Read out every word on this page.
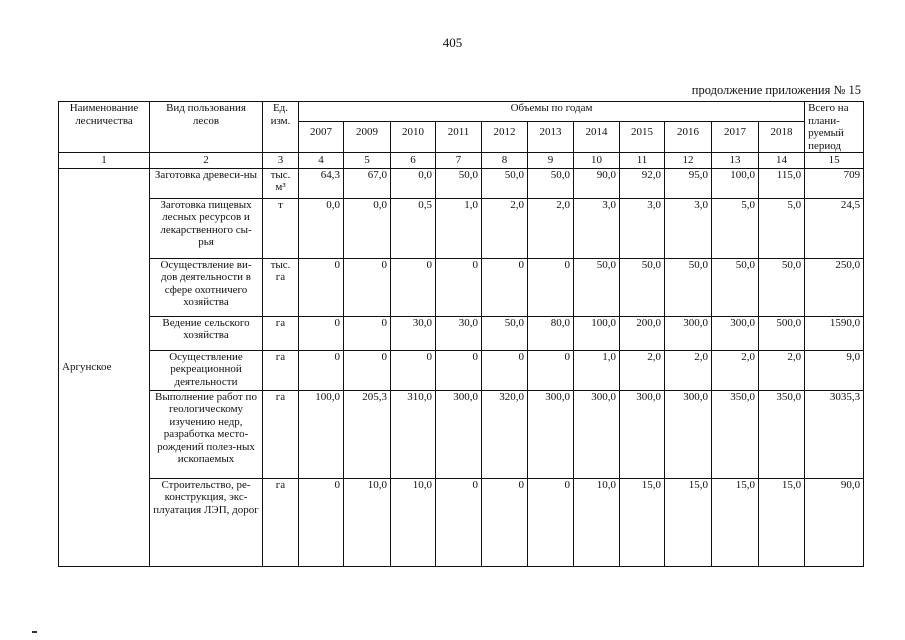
405
продолжение приложения № 15
Наименование лесничества	Вид пользования лесов	Ед. изм.	Объемы по годам											Всего на плани-руемый период
			2007	2009	2010	2011	2012	2013	2014	2015	2016	2017	2018	
1	2	3	4	5	6	7	8	9	10	11	12	13	14	15
Аргунское	Заготовка древеси-ны	тыс. м³	64,3	67,0	0,0	50,0	50,0	50,0	90,0	92,0	95,0	100,0	115,0	709
	Заготовка пищевых лесных ресурсов и лекарственного сы-рья	т	0,0	0,0	0,5	1,0	2,0	2,0	3,0	3,0	3,0	5,0	5,0	24,5
	Осуществление ви-дов деятельности в сфере охотничего хозяйства	тыс. га	0	0	0	0	0	0	50,0	50,0	50,0	50,0	50,0	250,0
	Ведение сельского хозяйства	га	0	0	30,0	30,0	50,0	80,0	100,0	200,0	300,0	300,0	500,0	1590,0
	Осуществление рекреационной деятельности	га	0	0	0	0	0	0	1,0	2,0	2,0	2,0	2,0	9,0
	Выполнение работ по геологическому изучению недр, разработка место-рождений полез-ных ископаемых	га	100,0	205,3	310,0	300,0	320,0	300,0	300,0	300,0	300,0	350,0	350,0	3035,3
	Строительство, ре-конструкция, экс-плуатация ЛЭП, дорог	га	0	10,0	10,0	0	0	0	10,0	15,0	15,0	15,0	15,0	90,0
